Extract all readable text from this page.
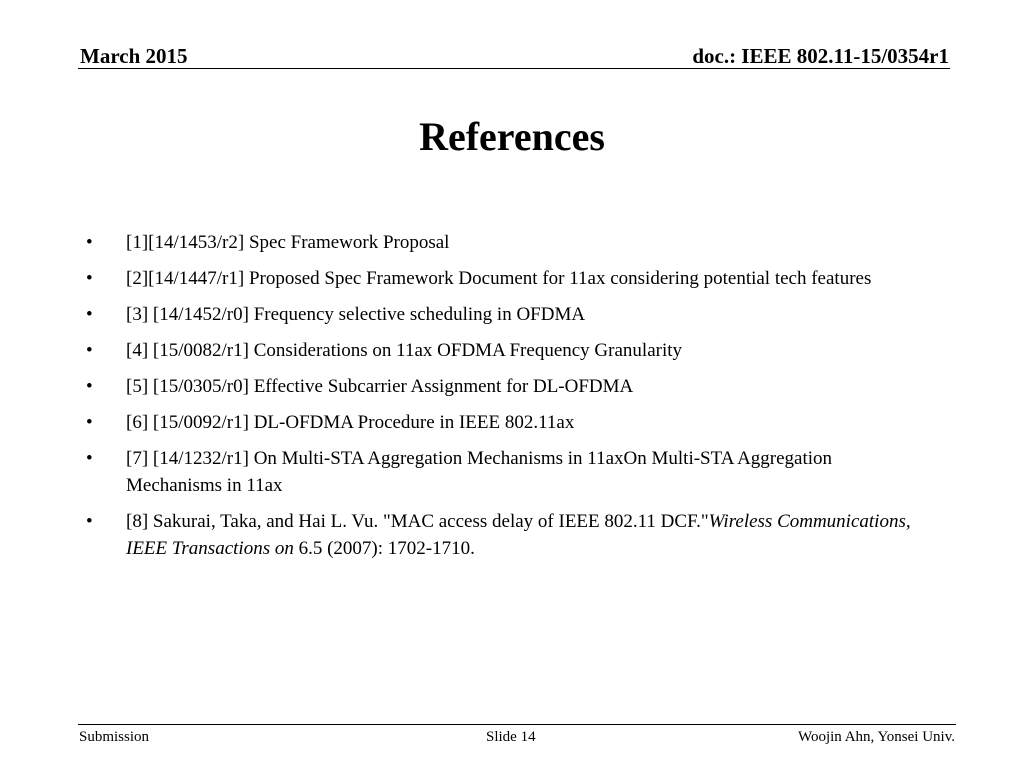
March 2015	doc.: IEEE 802.11-15/0354r1
References
• [1][14/1453/r2] Spec Framework Proposal
• [2][14/1447/r1] Proposed Spec Framework Document for 11ax considering potential tech features
• [3] [14/1452/r0] Frequency selective scheduling in OFDMA
• [4] [15/0082/r1] Considerations on 11ax OFDMA Frequency Granularity
• [5] [15/0305/r0] Effective Subcarrier Assignment for DL-OFDMA
• [6] [15/0092/r1] DL-OFDMA Procedure in IEEE 802.11ax
• [7] [14/1232/r1] On Multi-STA Aggregation Mechanisms in 11axOn Multi-STA Aggregation Mechanisms in 11ax
• [8] Sakurai, Taka, and Hai L. Vu. "MAC access delay of IEEE 802.11 DCF."Wireless Communications, IEEE Transactions on 6.5 (2007): 1702-1710.
Submission	Slide 14	Woojin Ahn, Yonsei Univ.
